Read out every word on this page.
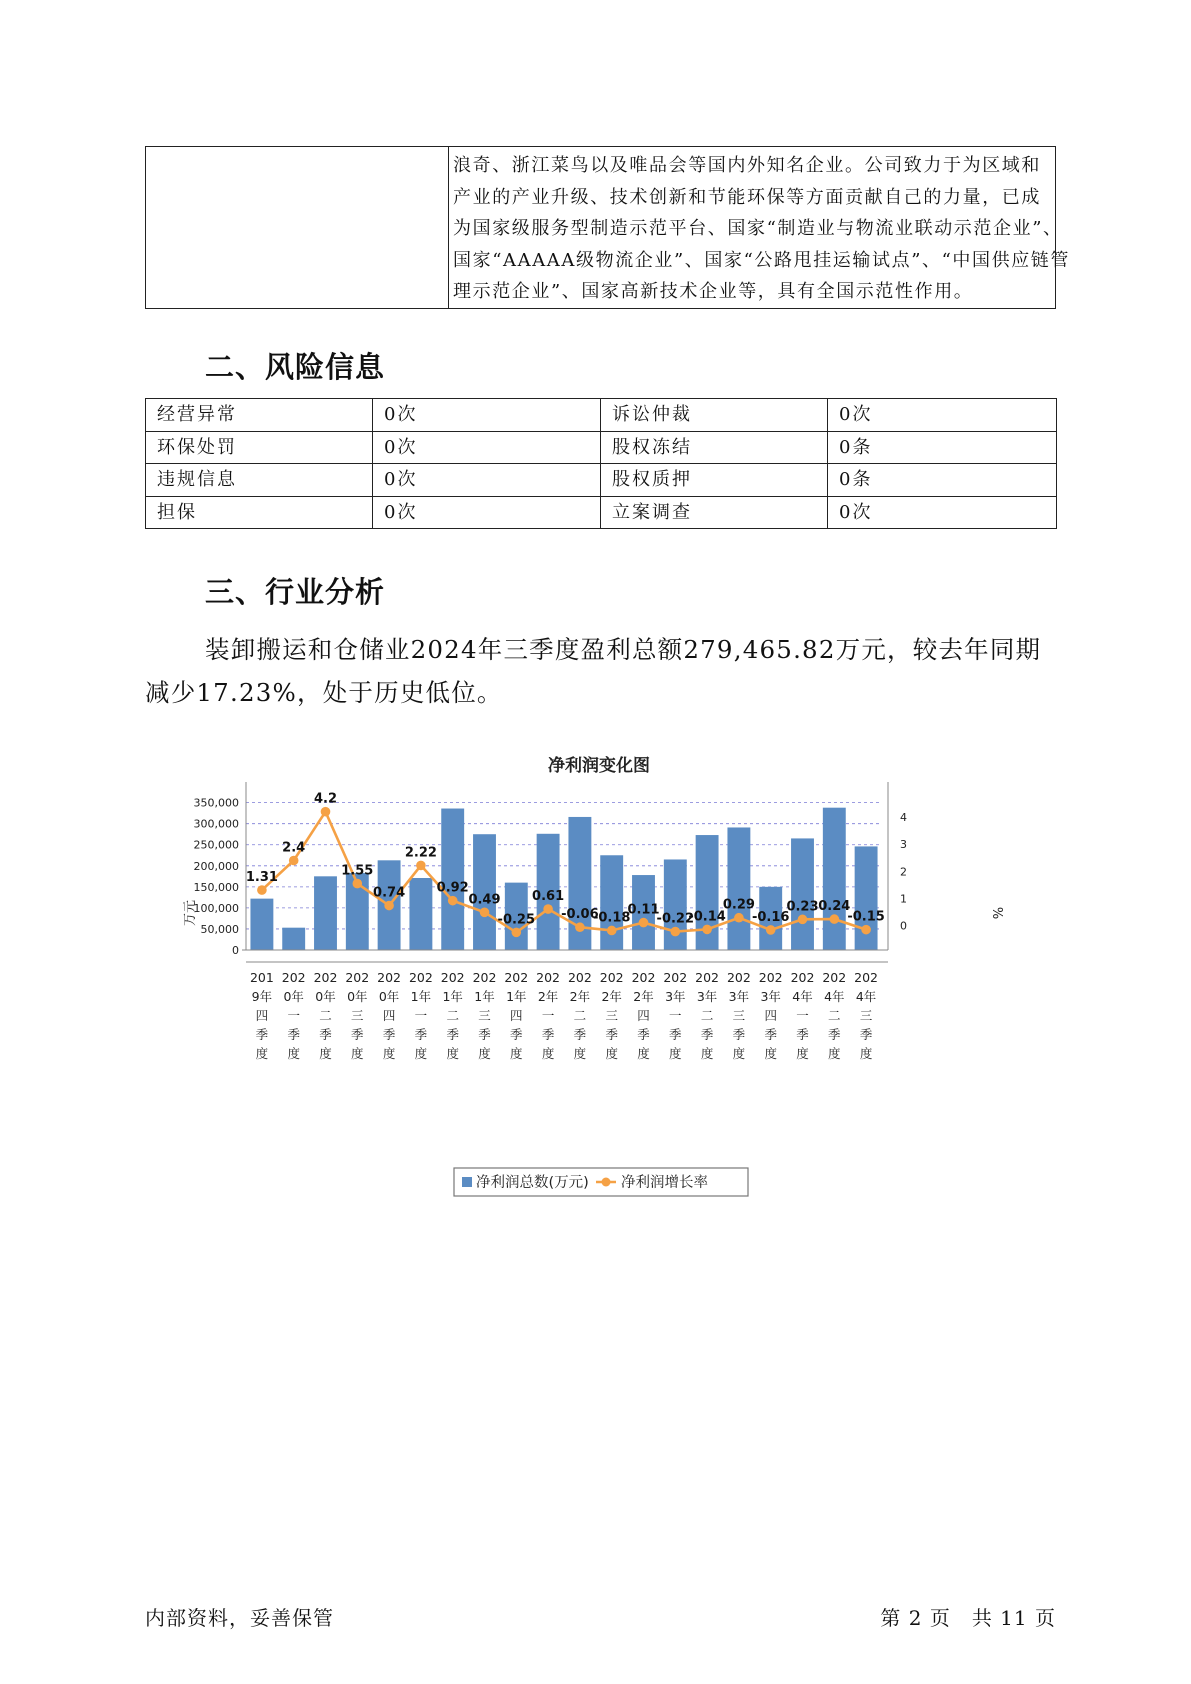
浪奇、浙江菜鸟以及唯品会等国内外知名企业。公司致力于为区域和
产业的产业升级、技术创新和节能环保等方面贡献自己的力量，已成
为国家级服务型制造示范平台、国家“制造业与物流业联动示范企业”、
国家“AAAAA级物流企业”、国家“公路甩挂运输试点”、“中国供应链管
理示范企业”、国家高新技术企业等，具有全国示范性作用。
二、风险信息
经营异常	0次	诉讼仲裁	0次
环保处罚	0次	股权冻结	0条
违规信息	0次	股权质押	0条
担保	0次	立案调查	0次
三、行业分析

装卸搬运和仓储业2024年三季度盈利总额279,465.82万元，较去年同期减少17.23%，处于历史低位。

净利润变化图
0
50,000
100,000
150,000
200,000
250,000
300,000
350,000
0
1
2
3
4
1.31
2.4
4.2
1.55
0.74
2.22
0.92
0.49
-0.25
0.61
-0.06
-0.18
0.11
-0.22
-0.14
0.29
-0.16
0.23 0.24
-0.15
201
9年
四
季
度
202
0年
一
季
度
202
0年
二
季
度
202
0年
三
季
度
202
0年
四
季
度
202
1年
一
季
度
202
1年
二
季
度
202
1年
三
季
度
202
1年
四
季
度
202
2年
一
季
度
202
2年
二
季
度
202
2年
三
季
度
202
2年
四
季
度
202
3年
一
季
度
202
3年
二
季
度
202
3年
三
季
度
202
3年
四
季
度
202
4年
一
季
度
202
4年
二
季
度
202
4年
三
季
度
万元	%
净利润总数(万元) 净利润增长率
内部资料，妥善保管	第 2 页　共 11 页
